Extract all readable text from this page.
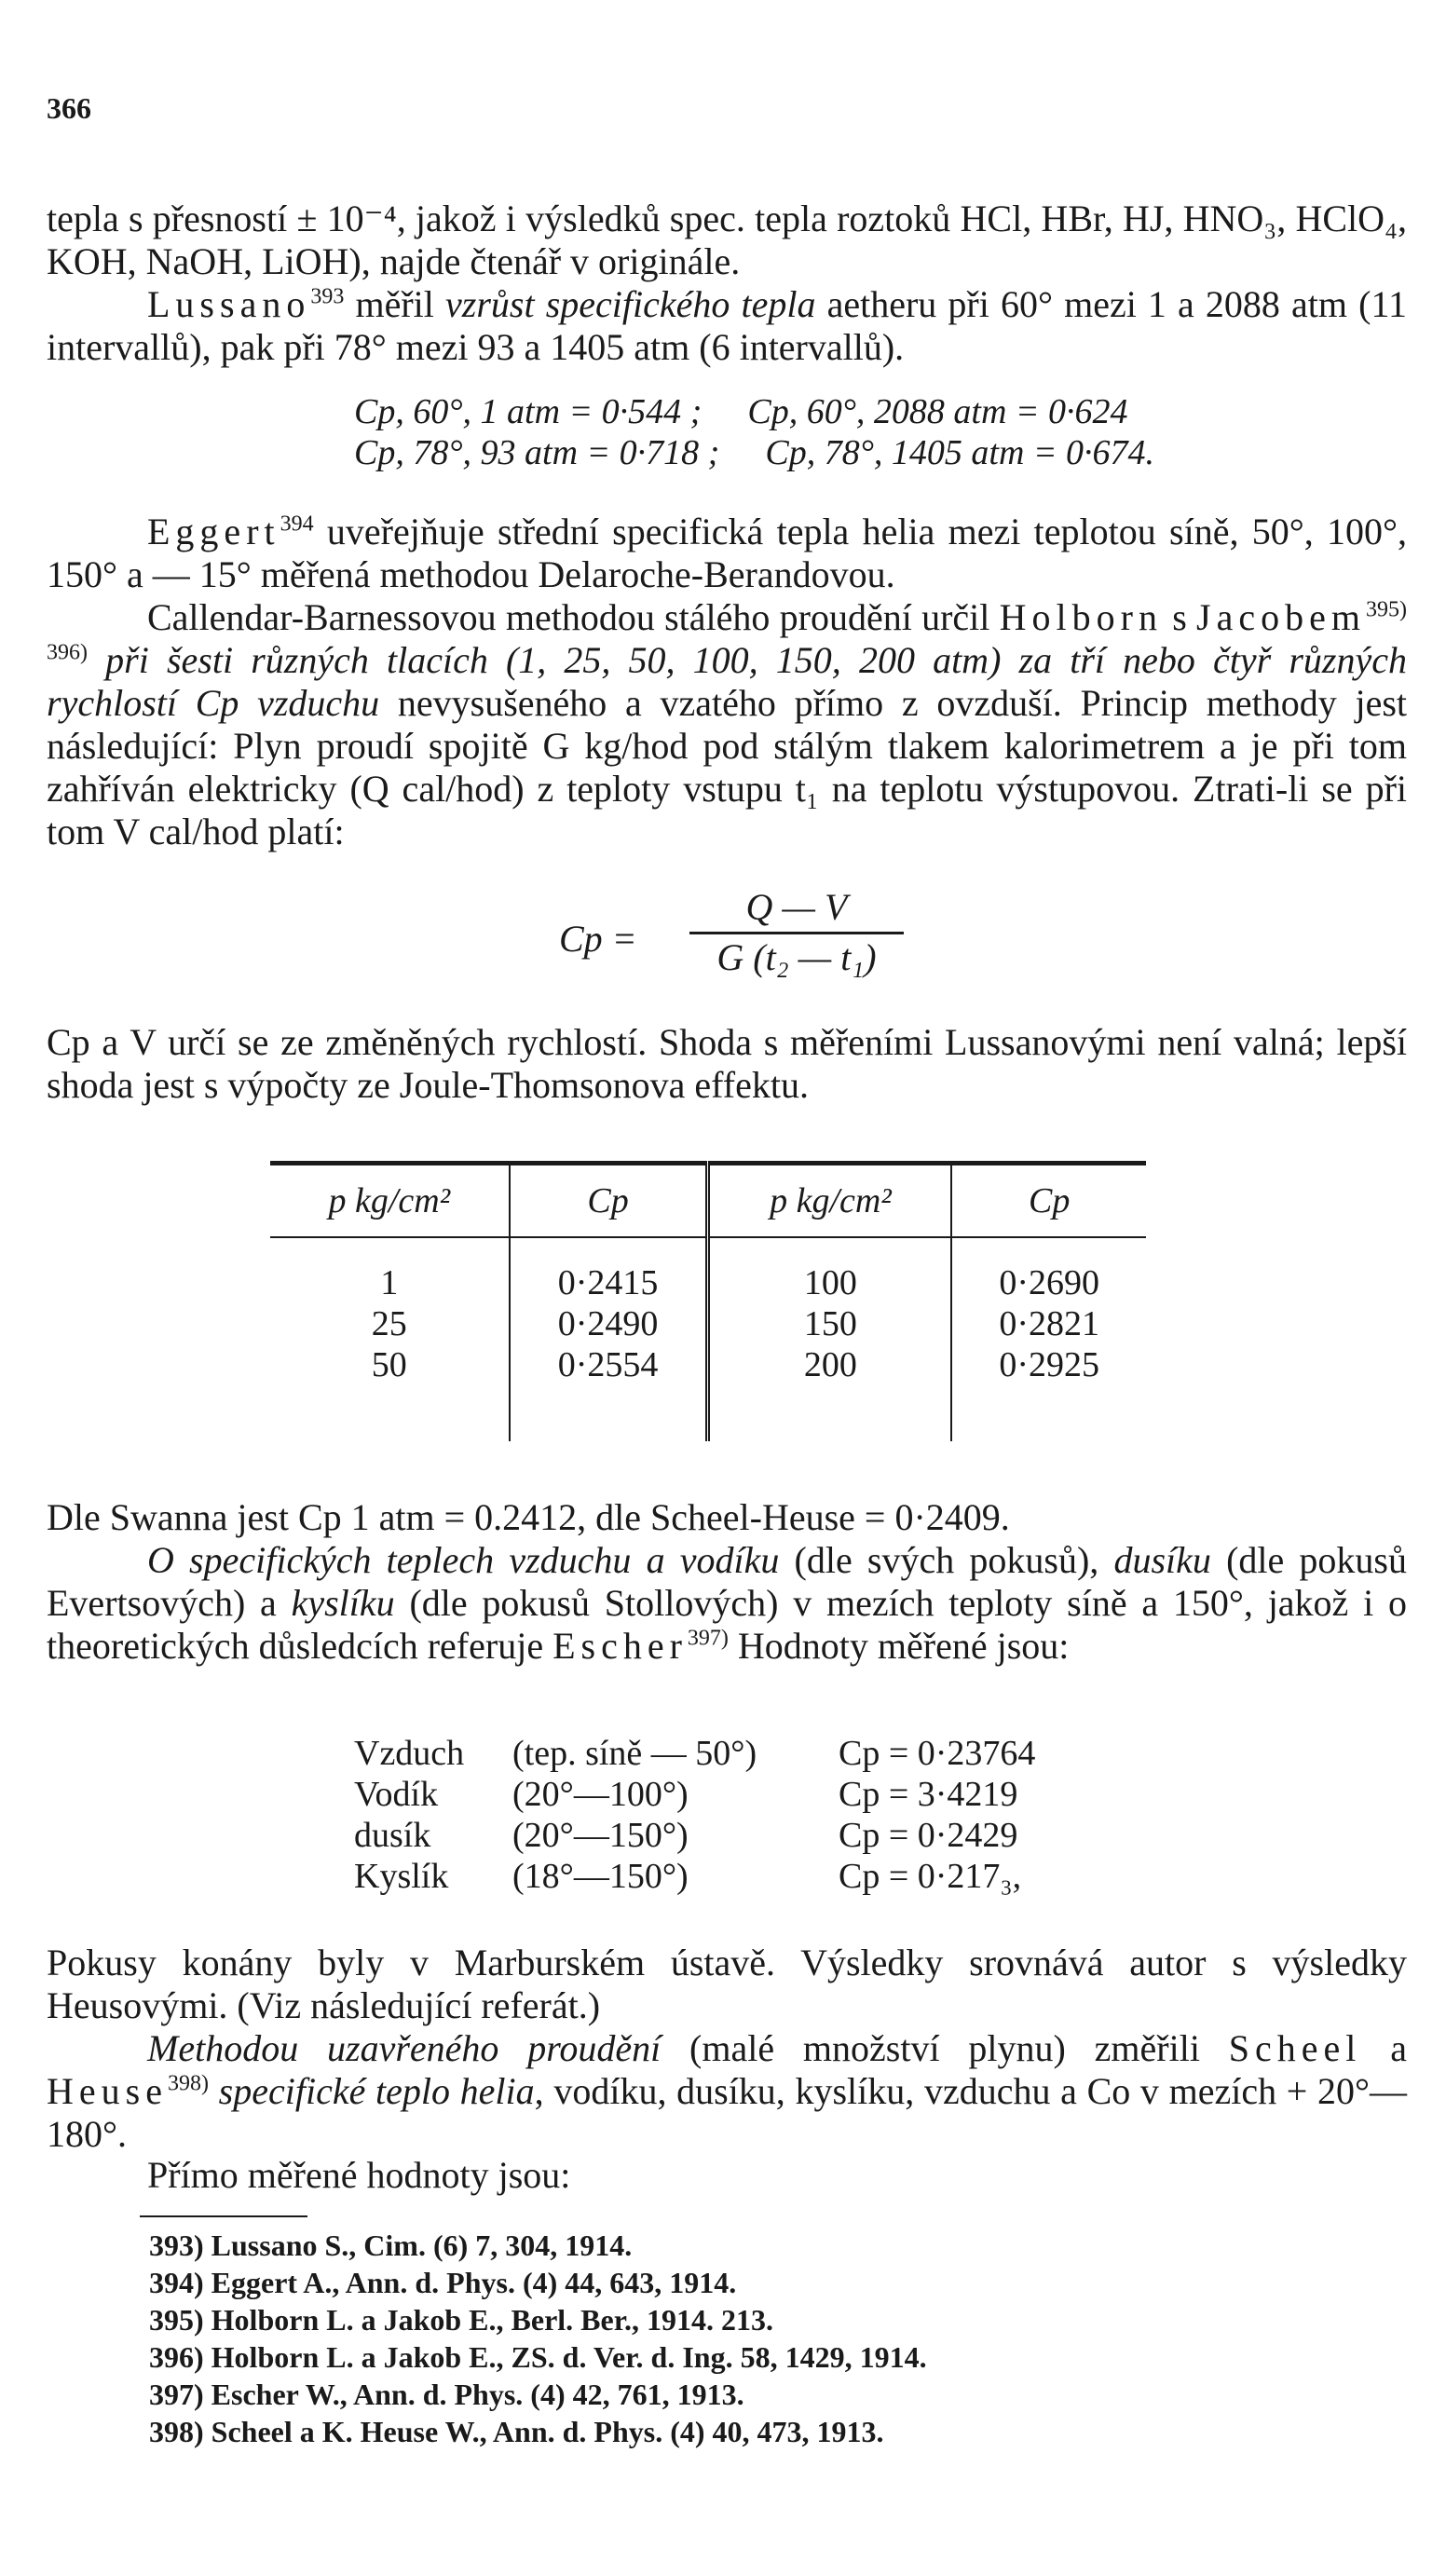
366

tepla s přesností ± 10⁻⁴, jakož i výsledků spec. tepla roztoků HCl, HBr, HJ, HNO₃, HClO₄, KOH, NaOH, LiOH), najde čtenář v originále.

Lussano$^{393}$ měřil vzrůst specifického tepla aetheru při 60° mezi 1 a 2088 atm (11 intervallů), pak při 78° mezi 93 a 1405 atm (6 intervallů).

Cp, 60°, 1 atm = 0·544 ; Cp, 60°, 2088 atm = 0·624
Cp, 78°, 93 atm = 0·718 ; Cp, 78°, 1405 atm = 0·674.

Eggert$^{394}$ uveřejňuje střední specifická tepla helia mezi teplotou síně, 50°, 100°, 150° a — 15° měřená methodou Delaroche-Berandovou.

Callendar-Barnessovou methodou stálého proudění určil Holborn s Jacobem$^{395) 396)}$ při šesti různých tlacích (1, 25, 50, 100, 150, 200 atm) za tří nebo čtyř různých rychlostí Cp vzduchu nevysušeného a vzatého přímo z ovzduší. Princip methody jest následující: Plyn proudí spojitě G kg/hod pod stálým tlakem kalorimetrem a je při tom zahříván elektricky (Q cal/hod) z teploty vstupu t₁ na teplotu výstupovou. Ztrati-li se při tom V cal/hod platí:

Cp =
Q — V
G (t₂ — t₁)

Cp a V určí se ze změněných rychlostí. Shoda s měřeními Lussanovými není valná; lepší shoda jest s výpočty ze Joule-Thomsonova effektu.

p kg/cm²	Cp	p kg/cm²	Cp
1	0·2415	100	0·2690
25	0·2490	150	0·2821
50	0·2554	200	0·2925

Dle Swanna jest Cp 1 atm = 0.2412, dle Scheel-Heuse = 0·2409.

O specifických teplech vzduchu a vodíku (dle svých pokusů), dusíku (dle pokusů Evertsových) a kyslíku (dle pokusů Stollových) v mezích teploty síně a 150°, jakož i o theoretických důsledcích referuje Escher$^{397)}$ Hodnoty měřené jsou:

Vzduch	(tep. síně — 50°)	Cp = 0·23764
Vodík	(20°—100°)	Cp = 3·4219
dusík	(20°—150°)	Cp = 0·2429
Kyslík	(18°—150°)	Cp = 0·217₃,

Pokusy konány byly v Marburském ústavě. Výsledky srovnává autor s výsledky Heusovými. (Viz následující referát.)

Methodou uzavřeného proudění (malé množství plynu) změřili Scheel a Heuse$^{398)}$ specifické teplo helia, vodíku, dusíku, kyslíku, vzduchu a Co v mezích + 20°—180°.

Přímo měřené hodnoty jsou:

393) Lussano S., Cim. (6) 7, 304, 1914.
394) Eggert A., Ann. d. Phys. (4) 44, 643, 1914.
395) Holborn L. a Jakob E., Berl. Ber., 1914. 213.
396) Holborn L. a Jakob E., ZS. d. Ver. d. Ing. 58, 1429, 1914.
397) Escher W., Ann. d. Phys. (4) 42, 761, 1913.
398) Scheel a K. Heuse W., Ann. d. Phys. (4) 40, 473, 1913.
